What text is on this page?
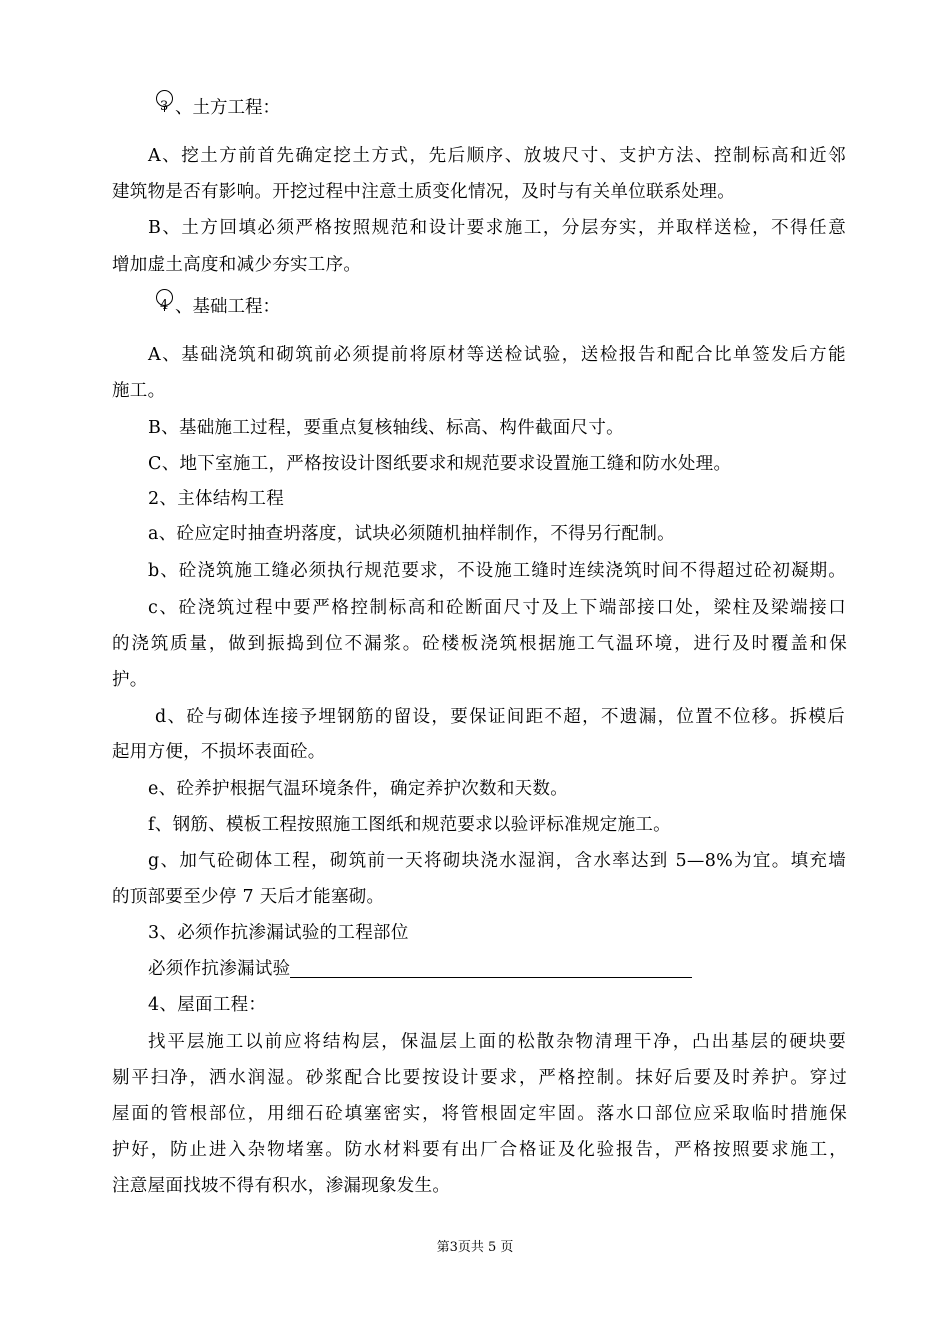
3 、土方工程：
A、挖土方前首先确定挖土方式，先后顺序、放坡尺寸、支护方法、控制标高和近邻
建筑物是否有影响。开挖过程中注意土质变化情况，及时与有关单位联系处理。
B、土方回填必须严格按照规范和设计要求施工，分层夯实，并取样送检，不得任意
增加虚土高度和减少夯实工序。
4 、基础工程：
A、基础浇筑和砌筑前必须提前将原材等送检试验，送检报告和配合比单签发后方能
施工。
B、基础施工过程，要重点复核轴线、标高、构件截面尺寸。
C、地下室施工，严格按设计图纸要求和规范要求设置施工缝和防水处理。
2、主体结构工程
a、砼应定时抽查坍落度，试块必须随机抽样制作，不得另行配制。
b、砼浇筑施工缝必须执行规范要求，不设施工缝时连续浇筑时间不得超过砼初凝期。
c、砼浇筑过程中要严格控制标高和砼断面尺寸及上下端部接口处，梁柱及梁端接口
的浇筑质量，做到振捣到位不漏浆。砼楼板浇筑根据施工气温环境，进行及时覆盖和保
护。
d、砼与砌体连接予埋钢筋的留设，要保证间距不超，不遗漏，位置不位移。拆模后
起用方便，不损坏表面砼。
e、砼养护根据气温环境条件，确定养护次数和天数。
f、钢筋、模板工程按照施工图纸和规范要求以验评标准规定施工。
g、加气砼砌体工程，砌筑前一天将砌块浇水湿润，含水率达到 5—8%为宜。填充墙
的顶部要至少停 7 天后才能塞砌。
3、必须作抗渗漏试验的工程部位
必须作抗渗漏试验
4、屋面工程：
找平层施工以前应将结构层，保温层上面的松散杂物清理干净，凸出基层的硬块要
剔平扫净，洒水润湿。砂浆配合比要按设计要求，严格控制。抹好后要及时养护。穿过
屋面的管根部位，用细石砼填塞密实，将管根固定牢固。落水口部位应采取临时措施保
护好，防止进入杂物堵塞。防水材料要有出厂合格证及化验报告，严格按照要求施工，
注意屋面找坡不得有积水，渗漏现象发生。
第3页共 5 页
